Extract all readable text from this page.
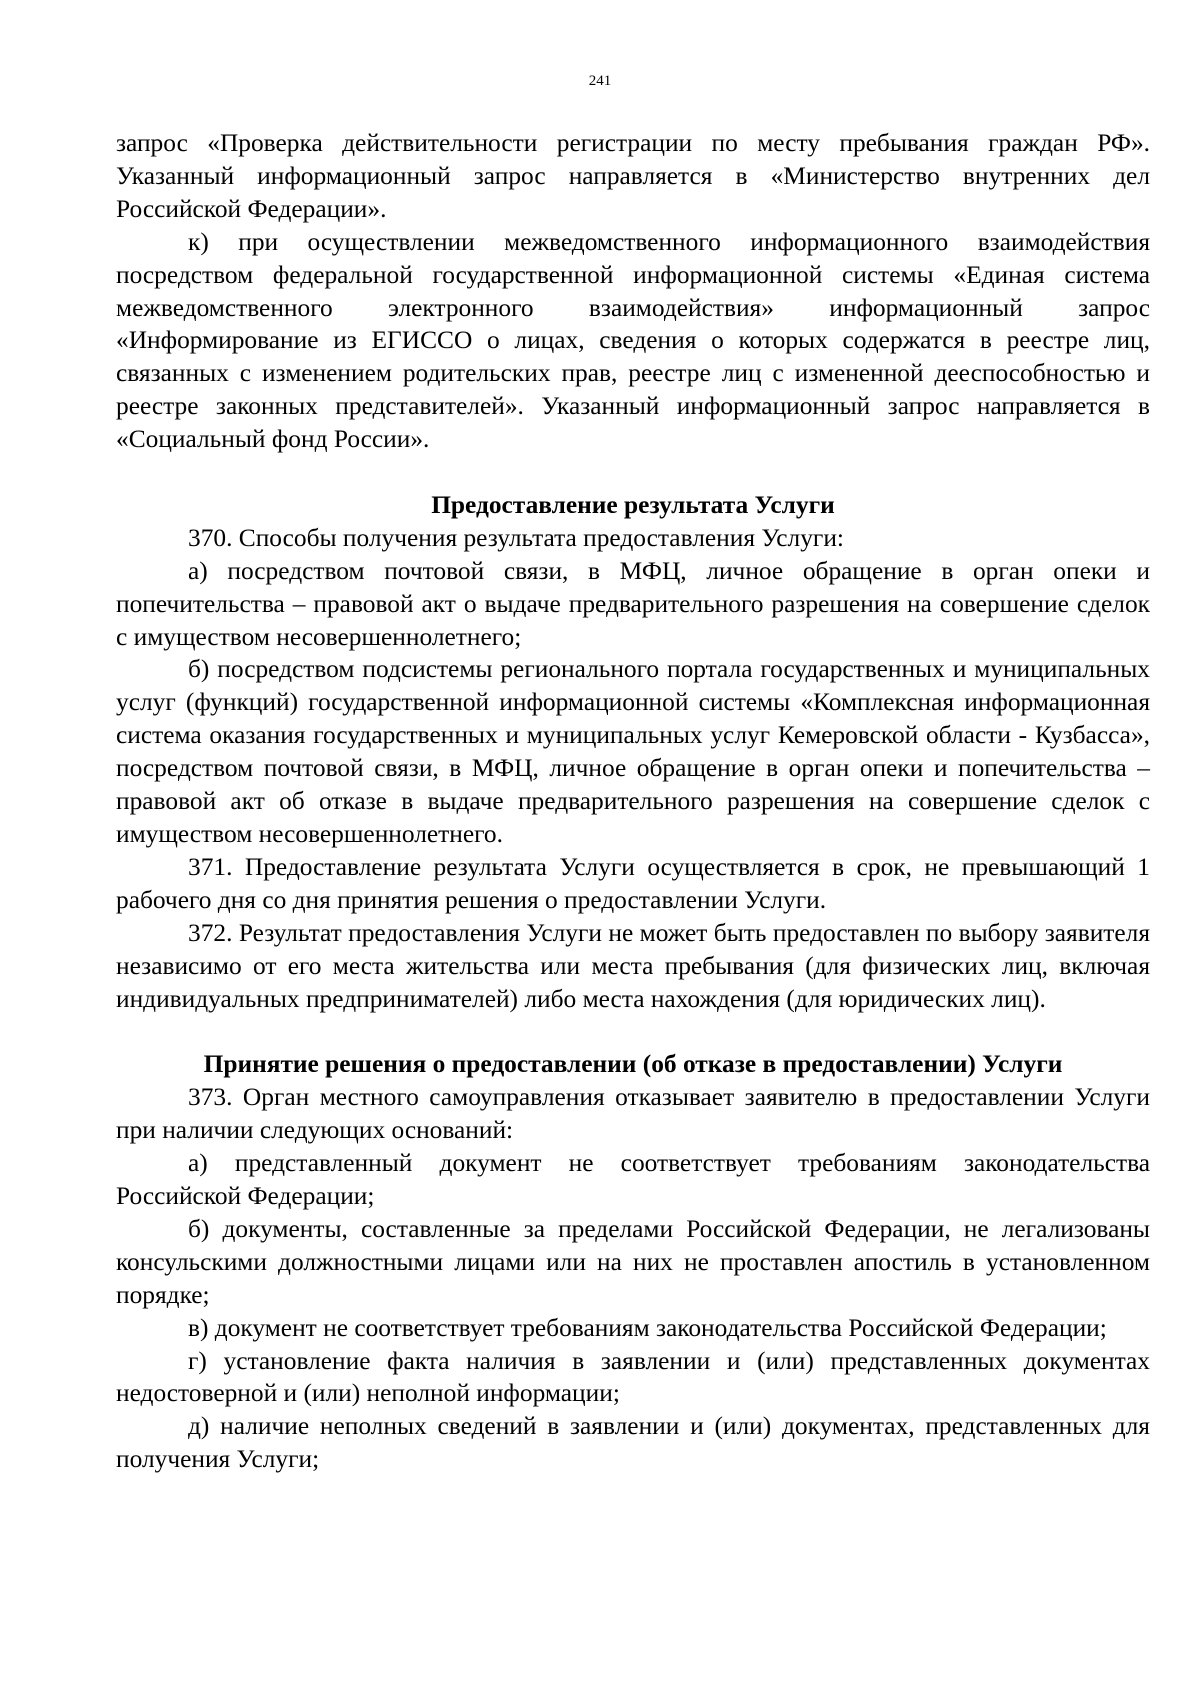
241

запрос «Проверка действительности регистрации по месту пребывания граждан РФ». Указанный информационный запрос направляется в «Министерство внутренних дел Российской Федерации».

к) при осуществлении межведомственного информационного взаимодействия посредством федеральной государственной информационной системы «Единая система межведомственного электронного взаимодействия» информационный запрос «Информирование из ЕГИССО о лицах, сведения о которых содержатся в реестре лиц, связанных с изменением родительских прав, реестре лиц с измененной дееспособностью и реестре законных представителей». Указанный информационный запрос направляется в «Социальный фонд России».

Предоставление результата Услуги

370. Способы получения результата предоставления Услуги:

а) посредством почтовой связи, в МФЦ, личное обращение в орган опеки и попечительства – правовой акт о выдаче предварительного разрешения на совершение сделок с имуществом несовершеннолетнего;

б) посредством подсистемы регионального портала государственных и муниципальных услуг (функций) государственной информационной системы «Комплексная информационная система оказания государственных и муниципальных услуг Кемеровской области - Кузбасса», посредством почтовой связи, в МФЦ, личное обращение в орган опеки и попечительства – правовой акт об отказе в выдаче предварительного разрешения на совершение сделок с имуществом несовершеннолетнего.

371. Предоставление результата Услуги осуществляется в срок, не превышающий 1 рабочего дня со дня принятия решения о предоставлении Услуги.

372. Результат предоставления Услуги не может быть предоставлен по выбору заявителя независимо от его места жительства или места пребывания (для физических лиц, включая индивидуальных предпринимателей) либо места нахождения (для юридических лиц).

Принятие решения о предоставлении (об отказе в предоставлении) Услуги

373. Орган местного самоуправления отказывает заявителю в предоставлении Услуги при наличии следующих оснований:

а) представленный документ не соответствует требованиям законодательства Российской Федерации;

б) документы, составленные за пределами Российской Федерации, не легализованы консульскими должностными лицами или на них не проставлен апостиль в установленном порядке;

в) документ не соответствует требованиям законодательства Российской Федерации;

г) установление факта наличия в заявлении и (или) представленных документах недостоверной и (или) неполной информации;

д) наличие неполных сведений в заявлении и (или) документах, представленных для получения Услуги;
